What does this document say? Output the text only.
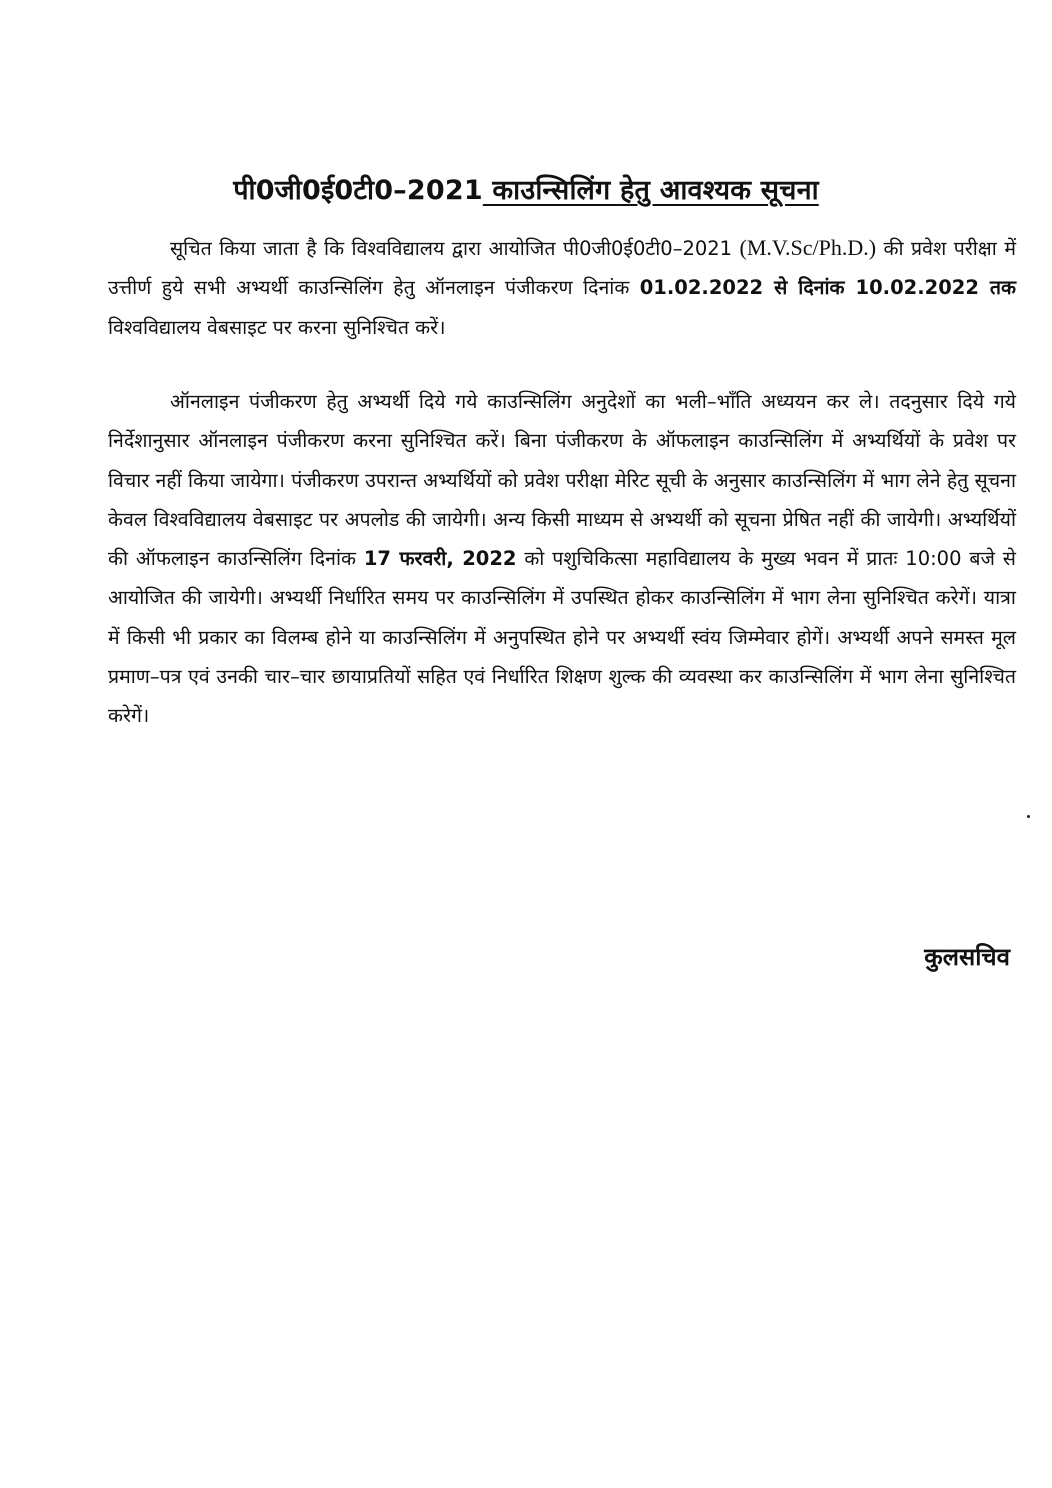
पी0जी0ई0टी0–2021 काउन्सिलिंग हेतु आवश्यक सूचना

सूचित किया जाता है कि विश्वविद्यालय द्वारा आयोजित पी0जी0ई0टी0–2021 (M.V.Sc/Ph.D.) की प्रवेश परीक्षा में उत्तीर्ण हुये सभी अभ्यर्थी काउन्सिलिंग हेतु ऑनलाइन पंजीकरण दिनांक 01.02.2022 से दिनांक 10.02.2022 तक विश्वविद्यालय वेबसाइट पर करना सुनिश्चित करें।

ऑनलाइन पंजीकरण हेतु अभ्यर्थी दिये गये काउन्सिलिंग अनुदेशों का भली–भाँति अध्ययन कर ले। तदनुसार दिये गये निर्देशानुसार ऑनलाइन पंजीकरण करना सुनिश्चित करें। बिना पंजीकरण के ऑफलाइन काउन्सिलिंग में अभ्यर्थियों के प्रवेश पर विचार नहीं किया जायेगा। पंजीकरण उपरान्त अभ्यर्थियों को प्रवेश परीक्षा मेरिट सूची के अनुसार काउन्सिलिंग में भाग लेने हेतु सूचना केवल विश्वविद्यालय वेबसाइट पर अपलोड की जायेगी। अन्य किसी माध्यम से अभ्यर्थी को सूचना प्रेषित नहीं की जायेगी। अभ्यर्थियों की ऑफलाइन काउन्सिलिंग दिनांक 17 फरवरी, 2022 को पशुचिकित्सा महाविद्यालय के मुख्य भवन में प्रातः 10:00 बजे से आयोजित की जायेगी। अभ्यर्थी निर्धारित समय पर काउन्सिलिंग में उपस्थित होकर काउन्सिलिंग में भाग लेना सुनिश्चित करेगें। यात्रा में किसी भी प्रकार का विलम्ब होने या काउन्सिलिंग में अनुपस्थित होने पर अभ्यर्थी स्वंय जिम्मेवार होगें। अभ्यर्थी अपने समस्त मूल प्रमाण–पत्र एवं उनकी चार–चार छायाप्रतियों सहित एवं निर्धारित शिक्षण शुल्क की व्यवस्था कर काउन्सिलिंग में भाग लेना सुनिश्चित करेगें।

कुलसचिव
